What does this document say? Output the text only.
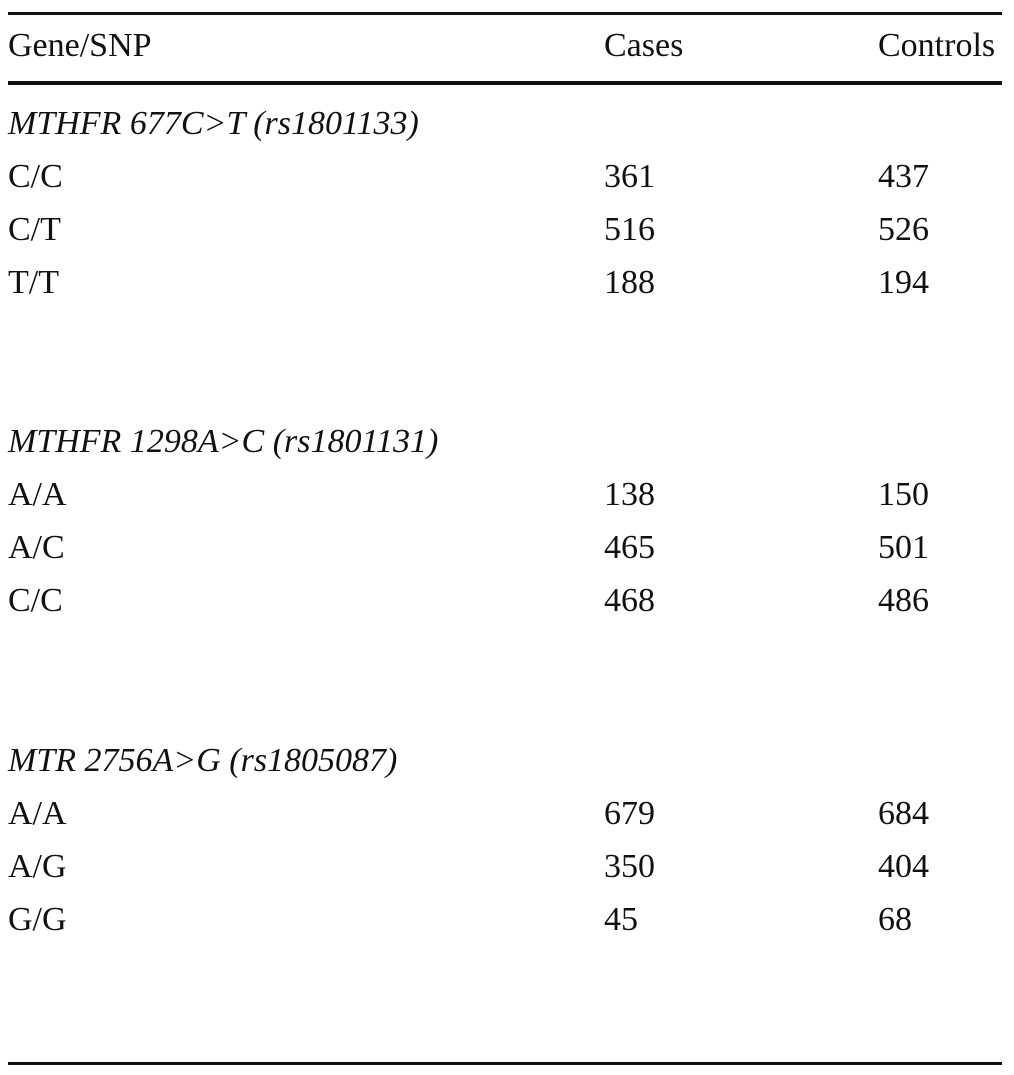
Gene/SNP	Cases	Controls
MTHFR 677C>T (rs1801133)
C/C	361	437
C/T	516	526
T/T	188	194
MTHFR 1298A>C (rs1801131)
A/A	138	150
A/C	465	501
C/C	468	486
MTR 2756A>G (rs1805087)
A/A	679	684
A/G	350	404
G/G	45	68
